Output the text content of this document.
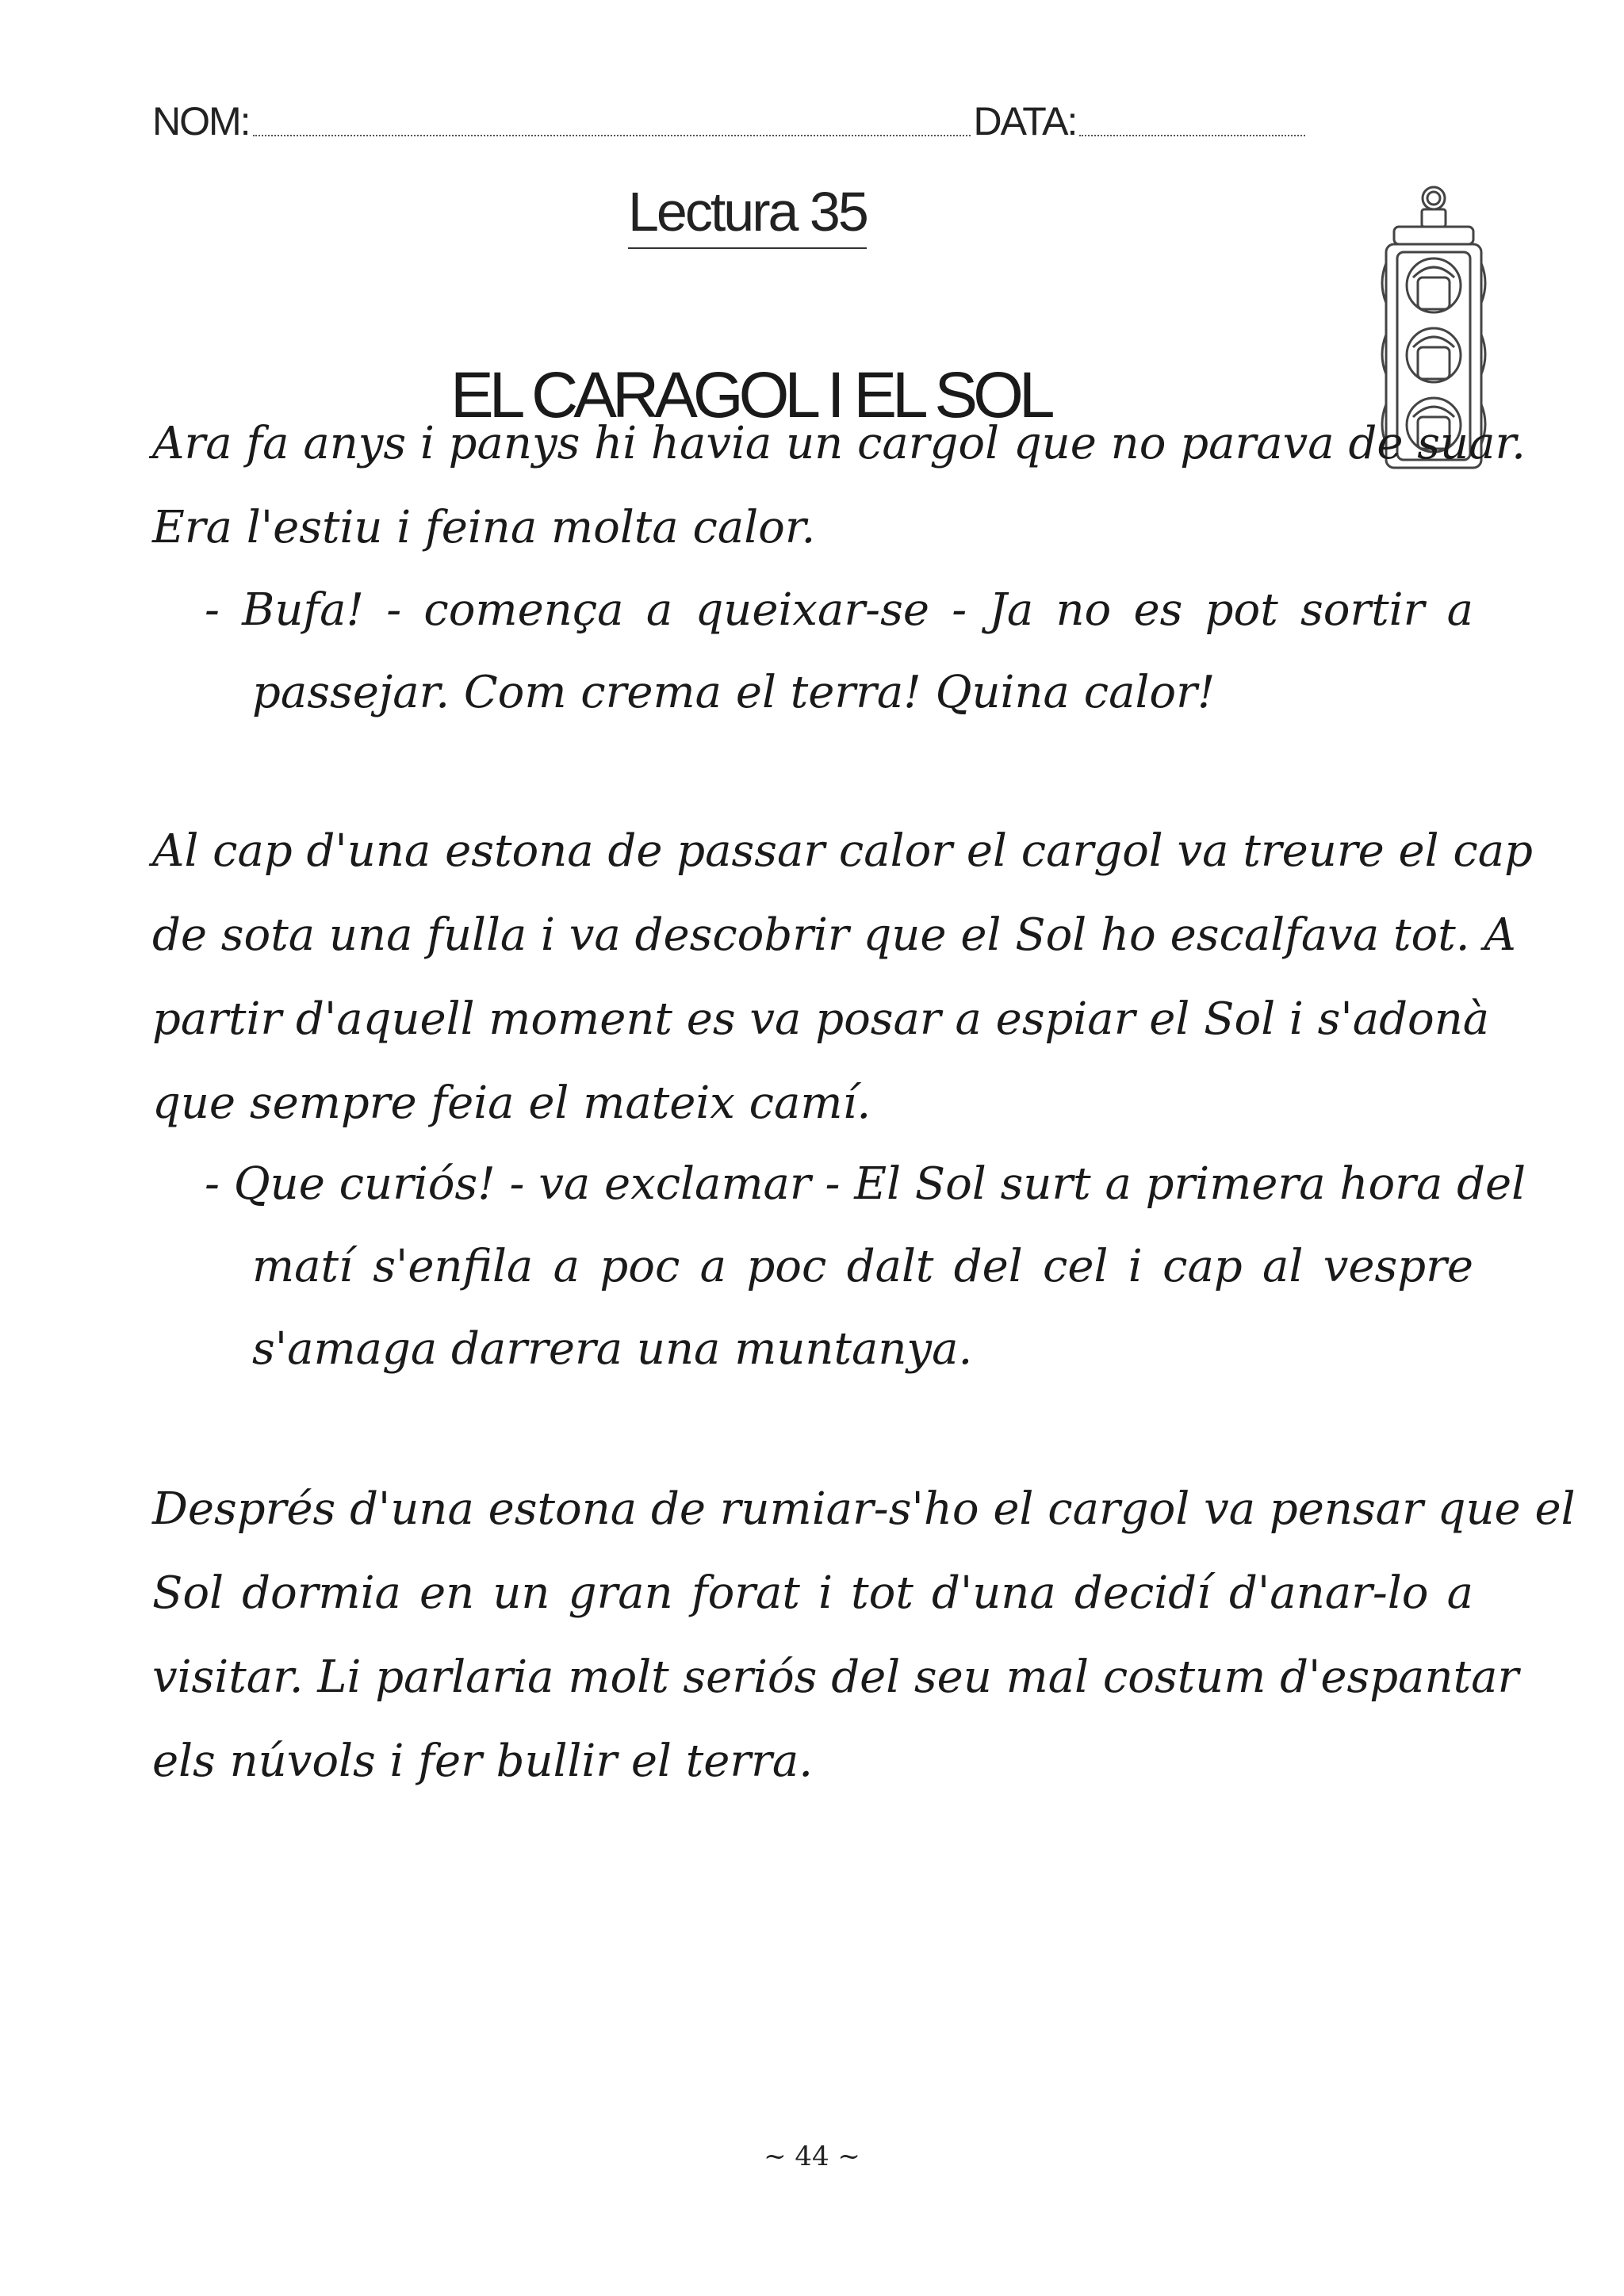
NOM:	DATA:
Lectura 35
EL CARAGOL I EL SOL
Ara fa anys i panys hi havia un cargol que no parava de suar.
Era l'estiu i feina molta calor.
- Bufa! - comença a queixar-se - Ja no es pot sortir a
passejar. Com crema el terra! Quina calor!
Al cap d'una estona de passar calor el cargol va treure el cap
de sota una fulla i va descobrir que el Sol ho escalfava tot. A
partir d'aquell moment es va posar a espiar el Sol i s'adonà
que sempre feia el mateix camí.
- Que curiós! - va exclamar - El Sol surt a primera hora del
matí s'enfila a poc a poc dalt del cel i cap al vespre
s'amaga darrera una muntanya.
Després d'una estona de rumiar-s'ho el cargol va pensar que el
Sol dormia en un gran forat i tot d'una decidí d'anar-lo a
visitar. Li parlaria molt seriós del seu mal costum d'espantar
els núvols i fer bullir el terra.
~ 44 ~
